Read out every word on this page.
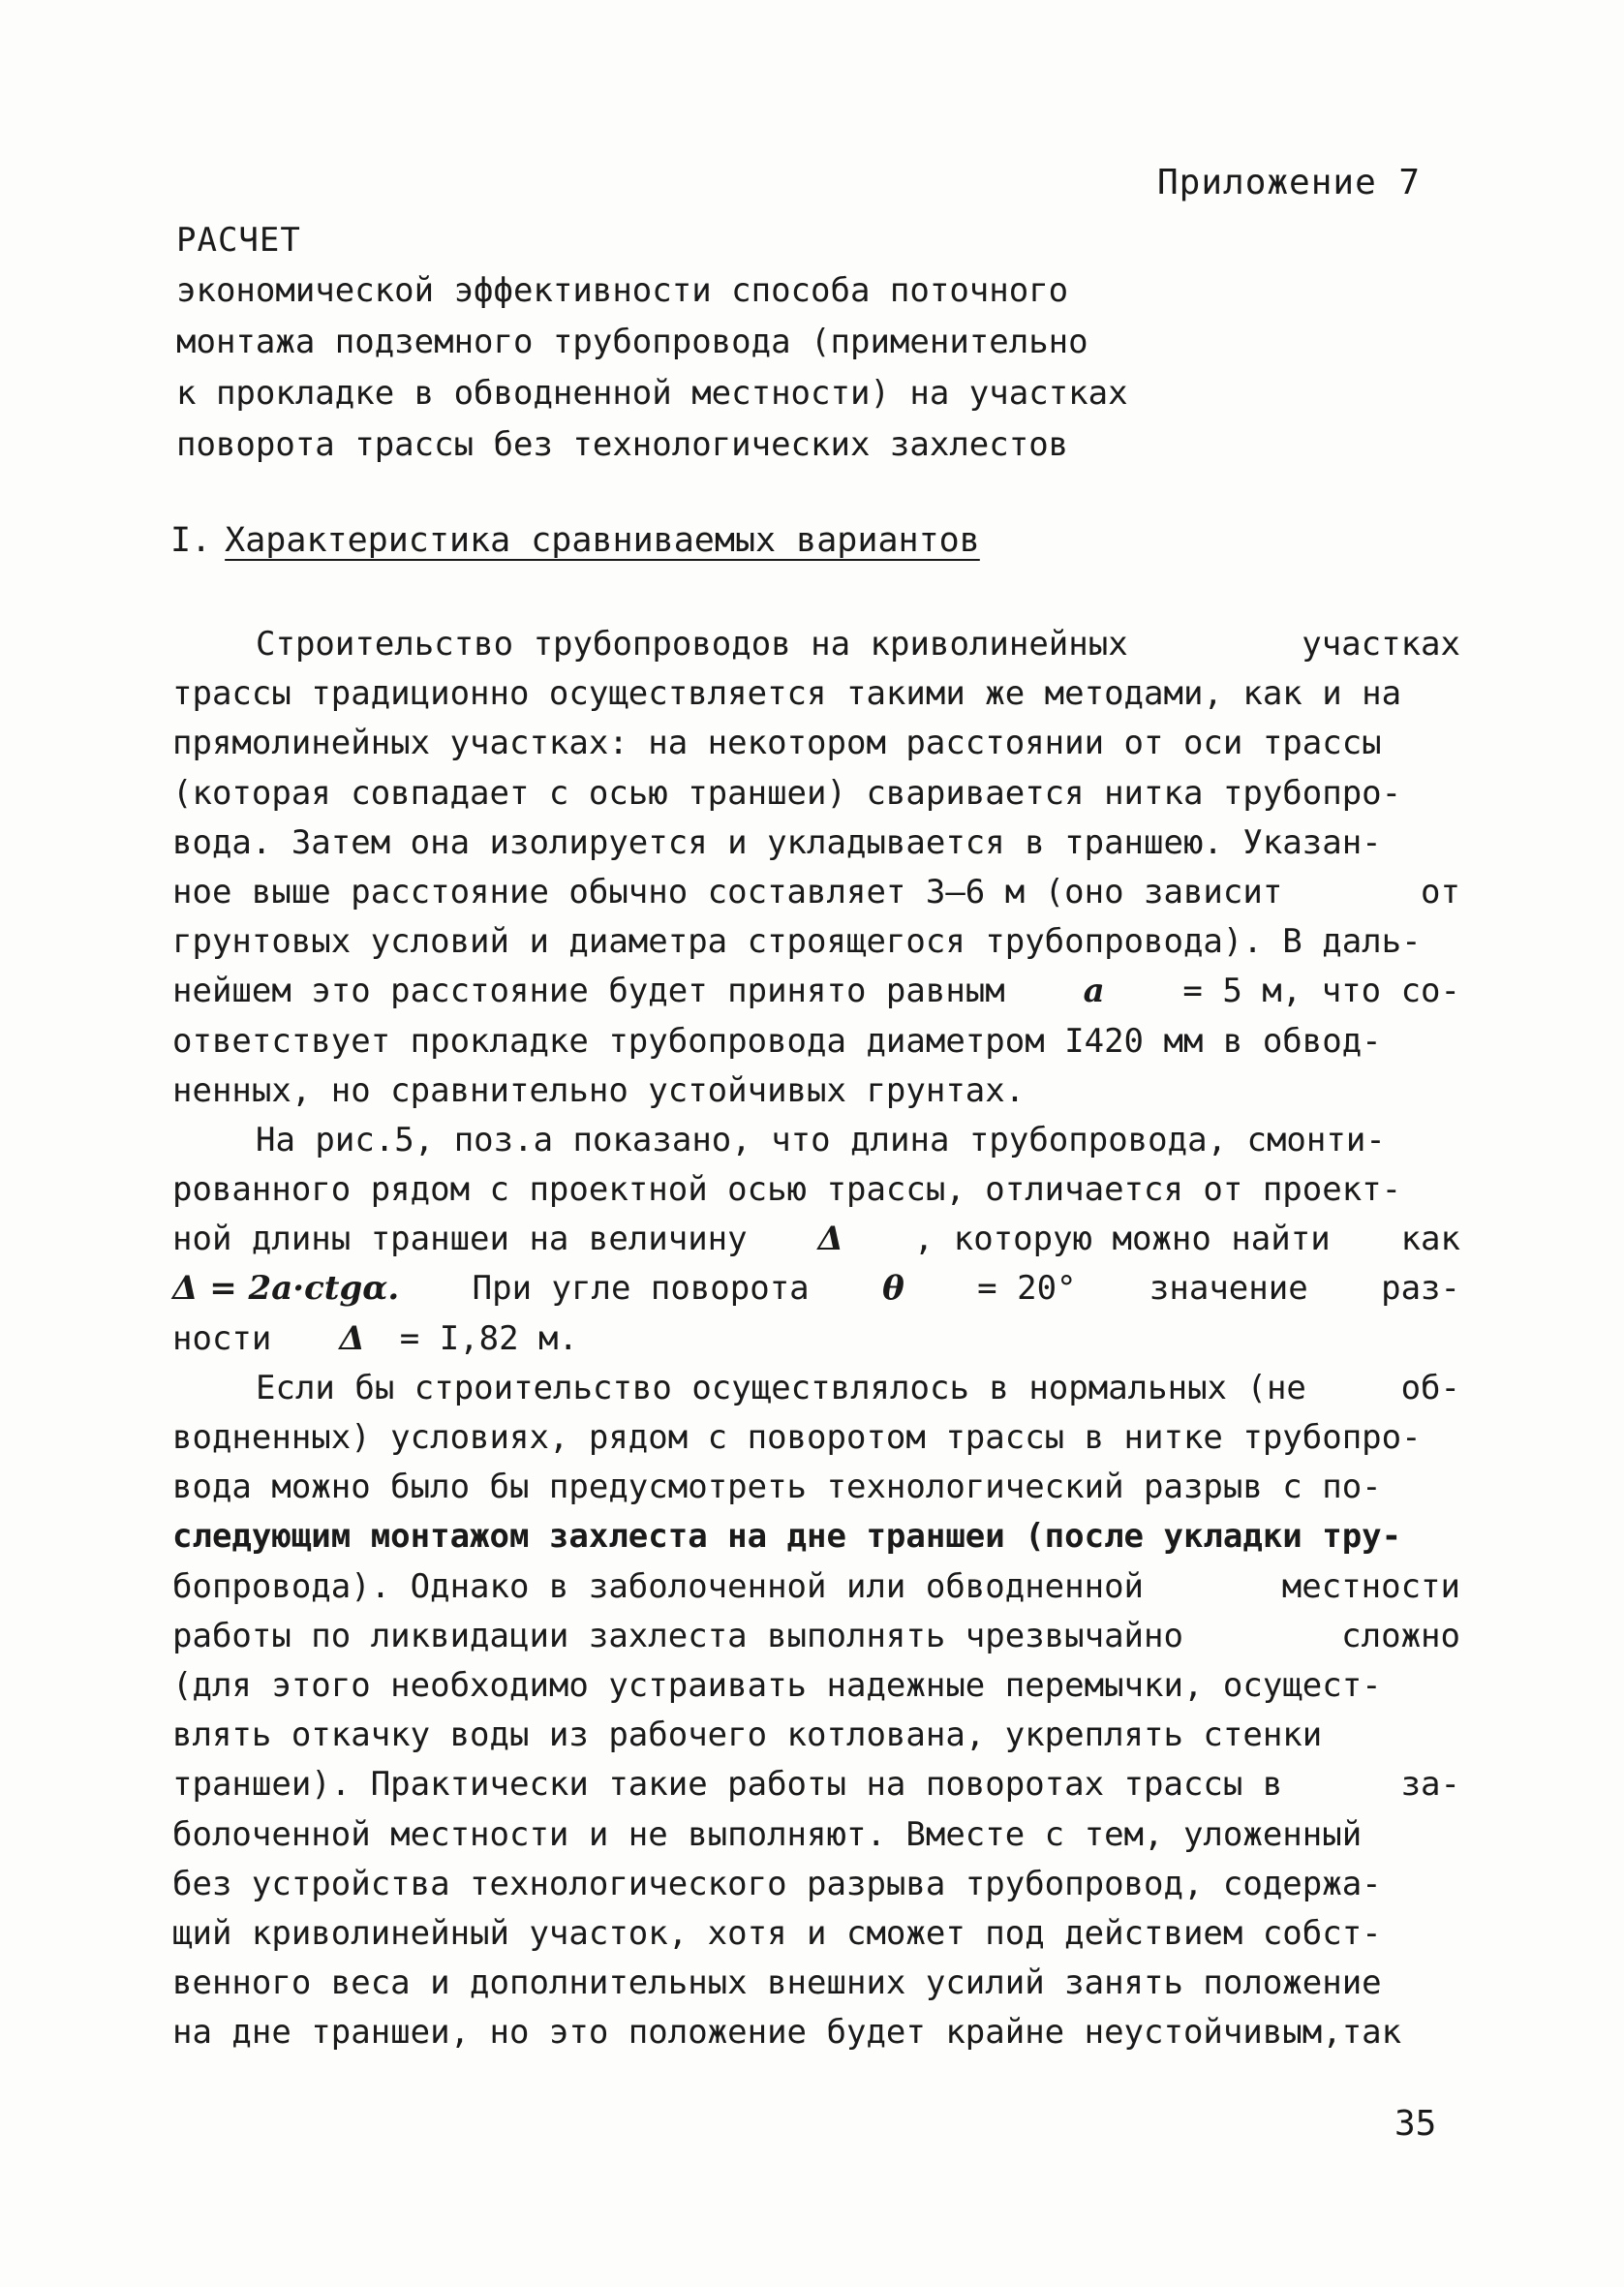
Приложение 7
РАСЧЕТ
экономической эффективности способа поточного
монтажа подземного трубопровода (применительно
к прокладке в обводненной местности) на участках
поворота трассы без технологических захлестов
I. Характеристика сравниваемых вариантов
Строительство трубопроводов на криволинейных	участках
трассы традиционно осуществляется такими же методами, как и на
прямолинейных участках: на некотором расстоянии от оси трассы
(которая совпадает с осью траншеи) сваривается нитка трубопро-
вода. Затем она изолируется и укладывается в траншею. Указан-
ное выше расстояние обычно составляет 3–6 м (оно зависит	от
грунтовых условий и диаметра строящегося трубопровода). В даль-
нейшем это расстояние будет принято равным a = 5 м, что со-
ответствует прокладке трубопровода диаметром I420 мм в обвод-
ненных, но сравнительно устойчивых грунтах.
На рис.5, поз.а показано, что длина трубопровода, смонти-
рованного рядом с проектной осью трассы, отличается от проект-
ной длины траншеи на величину Δ , которую можно найти как
Δ = 2a·ctgα. При угле поворота θ = 20° значение раз-
ности Δ = I,82 м.
Если бы строительство осуществлялось в нормальных (не	об-
водненных) условиях, рядом с поворотом трассы в нитке трубопро-
вода можно было бы предусмотреть технологический разрыв с по-
следующим монтажом захлеста на дне траншеи (после укладки тру-
бопровода). Однако в заболоченной или обводненной	местности
работы по ликвидации захлеста выполнять чрезвычайно	сложно
(для этого необходимо устраивать надежные перемычки, осущест-
влять откачку воды из рабочего котлована, укреплять стенки
траншеи). Практически такие работы на поворотах трассы в	за-
болоченной местности и не выполняют. Вместе с тем, уложенный
без устройства технологического разрыва трубопровод, содержа-
щий криволинейный участок, хотя и сможет под действием собст-
венного веса и дополнительных внешних усилий занять положение
на дне траншеи, но это положение будет крайне неустойчивым,так
35
